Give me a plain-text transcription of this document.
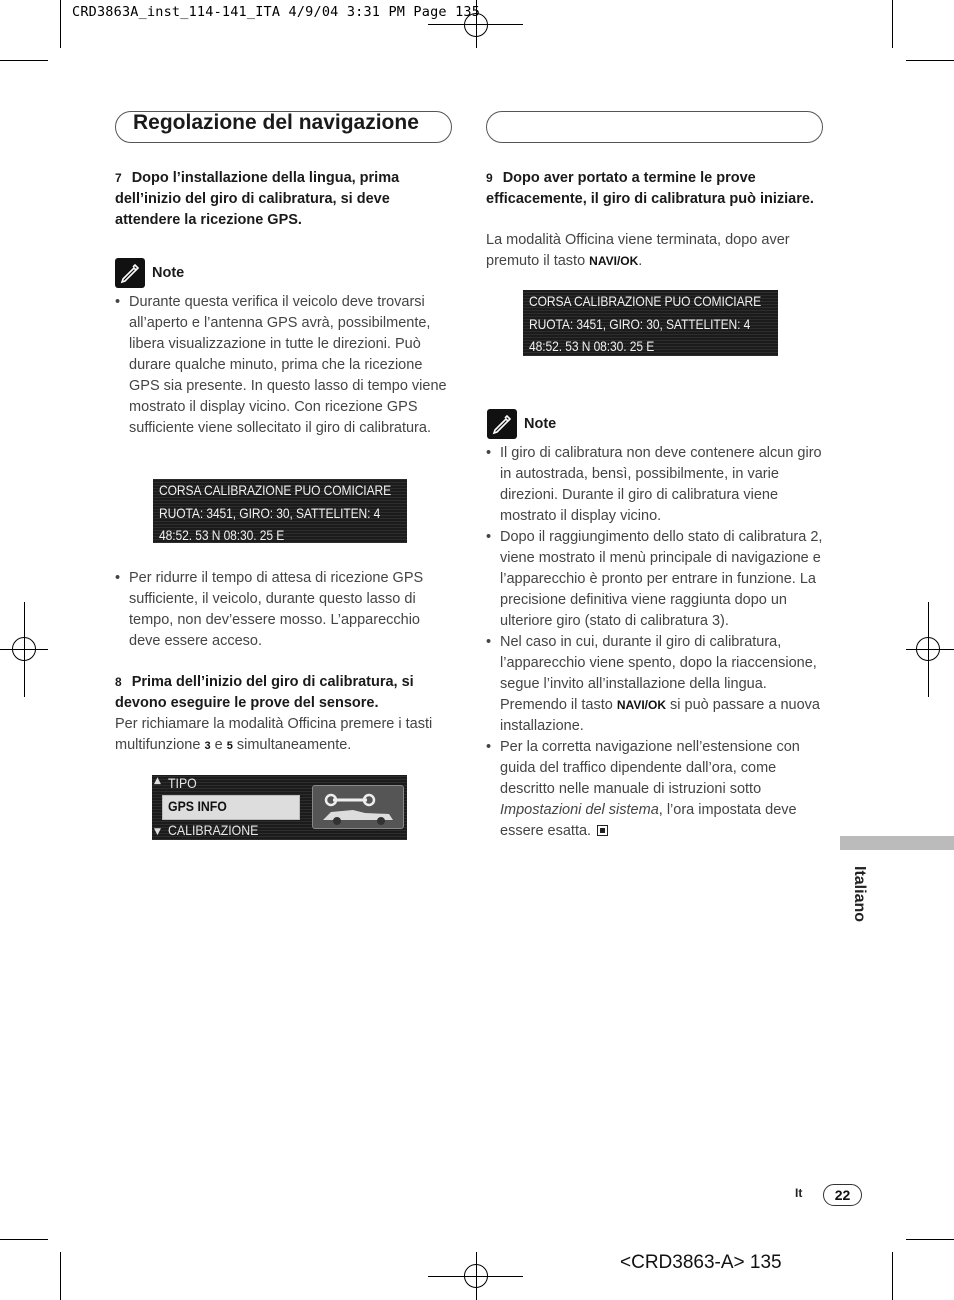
CRD3863A_inst_114-141_ITA 4/9/04 3:31 PM Page 135
Regolazione del navigazione
7 Dopo l’installazione della lingua, prima dell’inizio del giro di calibratura, si deve attendere la ricezione GPS.
Note
• Durante questa verifica il veicolo deve trovarsi all’aperto e l’antenna GPS avrà, possibilmente, libera visualizzazione in tutte le direzioni. Può durare qualche minuto, prima che la ricezione GPS sia presente. In questo lasso di tempo viene mostrato il display vicino. Con ricezione GPS sufficiente viene sollecitato il giro di calibratura.
CORSA CALIBRAZIONE PUO COMICIARE
RUOTA: 3451, GIRO: 30, SATTELITEN: 4
48:52. 53 N 08:30. 25 E
• Per ridurre il tempo di attesa di ricezione GPS sufficiente, il veicolo, durante questo lasso di tempo, non dev’essere mosso. L’apparecchio deve essere acceso.
8 Prima dell’inizio del giro di calibratura, si devono eseguire le prove del sensore.
Per richiamare la modalità Officina premere i tasti multifunzione 3 e 5 simultaneamente.
▲ TIPO
GPS INFO
▼ CALIBRAZIONE
9 Dopo aver portato a termine le prove efficacemente, il giro di calibratura può iniziare.
La modalità Officina viene terminata, dopo aver premuto il tasto NAVI/OK.
CORSA CALIBRAZIONE PUO COMICIARE
RUOTA: 3451, GIRO: 30, SATTELITEN: 4
48:52. 53 N 08:30. 25 E
Note
• Il giro di calibratura non deve contenere alcun giro in autostrada, bensì, possibilmente, in varie direzioni. Durante il giro di calibratura viene mostrato il display vicino.
• Dopo il raggiungimento dello stato di calibratura 2, viene mostrato il menù principale di navigazione e l’apparecchio è pronto per entrare in funzione. La precisione definitiva viene raggiunta dopo un ulteriore giro (stato di calibratura 3).
• Nel caso in cui, durante il giro di calibratura, l’apparecchio viene spento, dopo la riaccensione, segue l’invito all’installazione della lingua. Premendo il tasto NAVI/OK si può passare a nuova installazione.
• Per la corretta navigazione nell’estensione con guida del traffico dipendente dall’ora, come descritto nelle manuale di istruzioni sotto Impostazioni del sistema, l’ora impostata deve essere esatta.
Italiano
It	22
<CRD3863-A> 135
